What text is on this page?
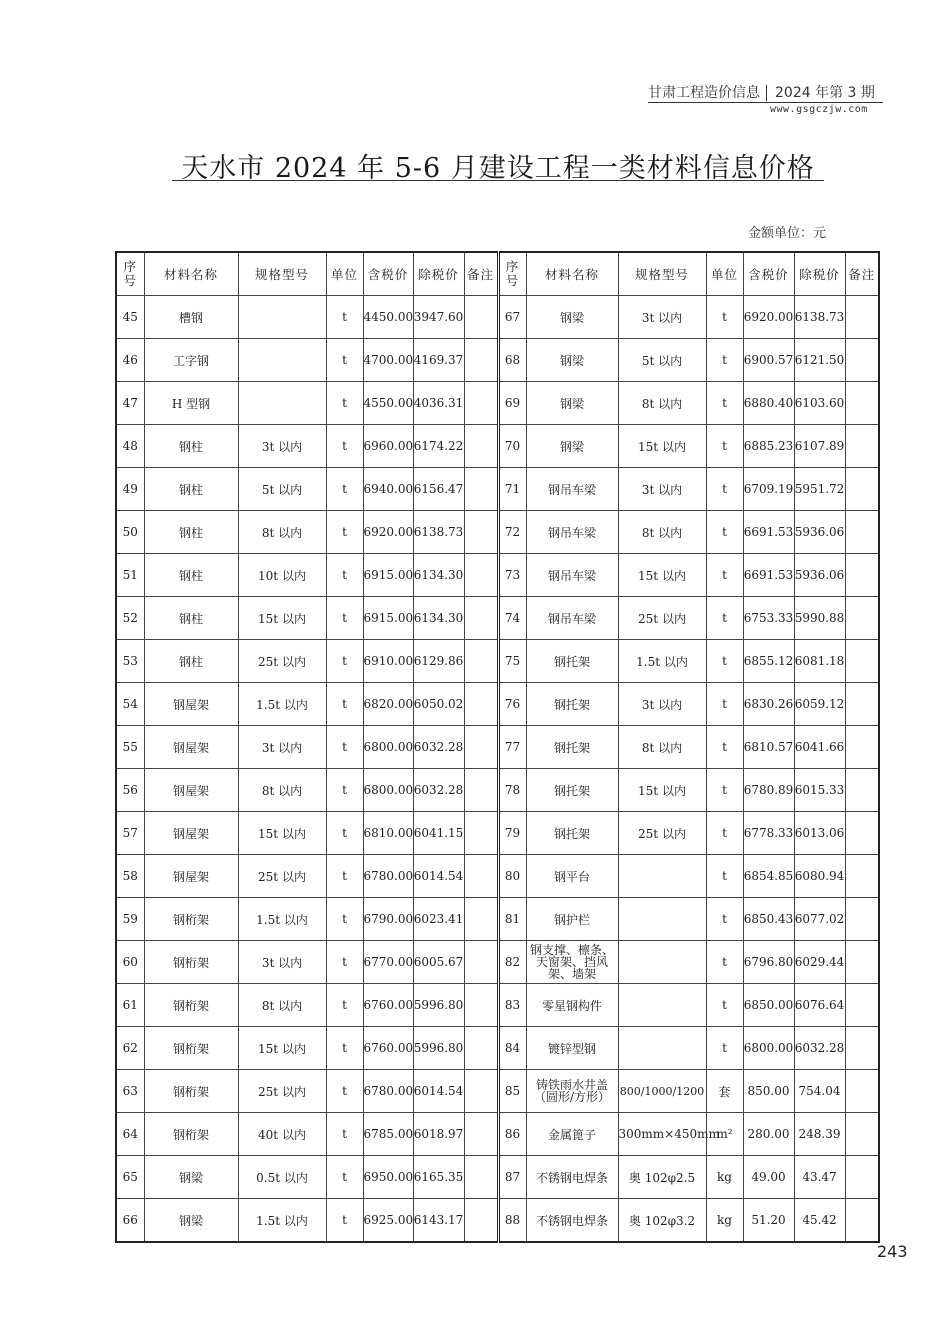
甘肃工程造价信息 2024 年第 3 期
www.gsgczjw.com
天水市 2024 年 5-6 月建设工程一类材料信息价格
金额单位：元
序号	材料名称	规格型号	单位	含税价	除税价	备注	序号	材料名称	规格型号	单位	含税价	除税价	备注
45	槽钢		t	4450.00	3947.60		67	钢梁	3t 以内	t	6920.00	6138.73	
46	工字钢		t	4700.00	4169.37		68	钢梁	5t 以内	t	6900.57	6121.50	
47	H 型钢		t	4550.00	4036.31		69	钢梁	8t 以内	t	6880.40	6103.60	
48	钢柱	3t 以内	t	6960.00	6174.22		70	钢梁	15t 以内	t	6885.23	6107.89	
49	钢柱	5t 以内	t	6940.00	6156.47		71	钢吊车梁	3t 以内	t	6709.19	5951.72	
50	钢柱	8t 以内	t	6920.00	6138.73		72	钢吊车梁	8t 以内	t	6691.53	5936.06	
51	钢柱	10t 以内	t	6915.00	6134.30		73	钢吊车梁	15t 以内	t	6691.53	5936.06	
52	钢柱	15t 以内	t	6915.00	6134.30		74	钢吊车梁	25t 以内	t	6753.33	5990.88	
53	钢柱	25t 以内	t	6910.00	6129.86		75	钢托架	1.5t 以内	t	6855.12	6081.18	
54	钢屋架	1.5t 以内	t	6820.00	6050.02		76	钢托架	3t 以内	t	6830.26	6059.12	
55	钢屋架	3t 以内	t	6800.00	6032.28		77	钢托架	8t 以内	t	6810.57	6041.66	
56	钢屋架	8t 以内	t	6800.00	6032.28		78	钢托架	15t 以内	t	6780.89	6015.33	
57	钢屋架	15t 以内	t	6810.00	6041.15		79	钢托架	25t 以内	t	6778.33	6013.06	
58	钢屋架	25t 以内	t	6780.00	6014.54		80	钢平台		t	6854.85	6080.94	
59	钢桁架	1.5t 以内	t	6790.00	6023.41		81	钢护栏		t	6850.43	6077.02	
60	钢桁架	3t 以内	t	6770.00	6005.67		82	钢支撑、檩条、天窗架、挡风架、墙架		t	6796.80	6029.44	
61	钢桁架	8t 以内	t	6760.00	5996.80		83	零星钢构件		t	6850.00	6076.64	
62	钢桁架	15t 以内	t	6760.00	5996.80		84	镀锌型钢		t	6800.00	6032.28	
63	钢桁架	25t 以内	t	6780.00	6014.54		85	铸铁雨水井盖（圆形/方形）	800/1000/1200	套	850.00	754.04	
64	钢桁架	40t 以内	t	6785.00	6018.97		86	金属篦子	300mm×450mm	m²	280.00	248.39	
65	钢梁	0.5t 以内	t	6950.00	6165.35		87	不锈钢电焊条	奥 102φ2.5	kg	49.00	43.47	
66	钢梁	1.5t 以内	t	6925.00	6143.17		88	不锈钢电焊条	奥 102φ3.2	kg	51.20	45.42	
243
